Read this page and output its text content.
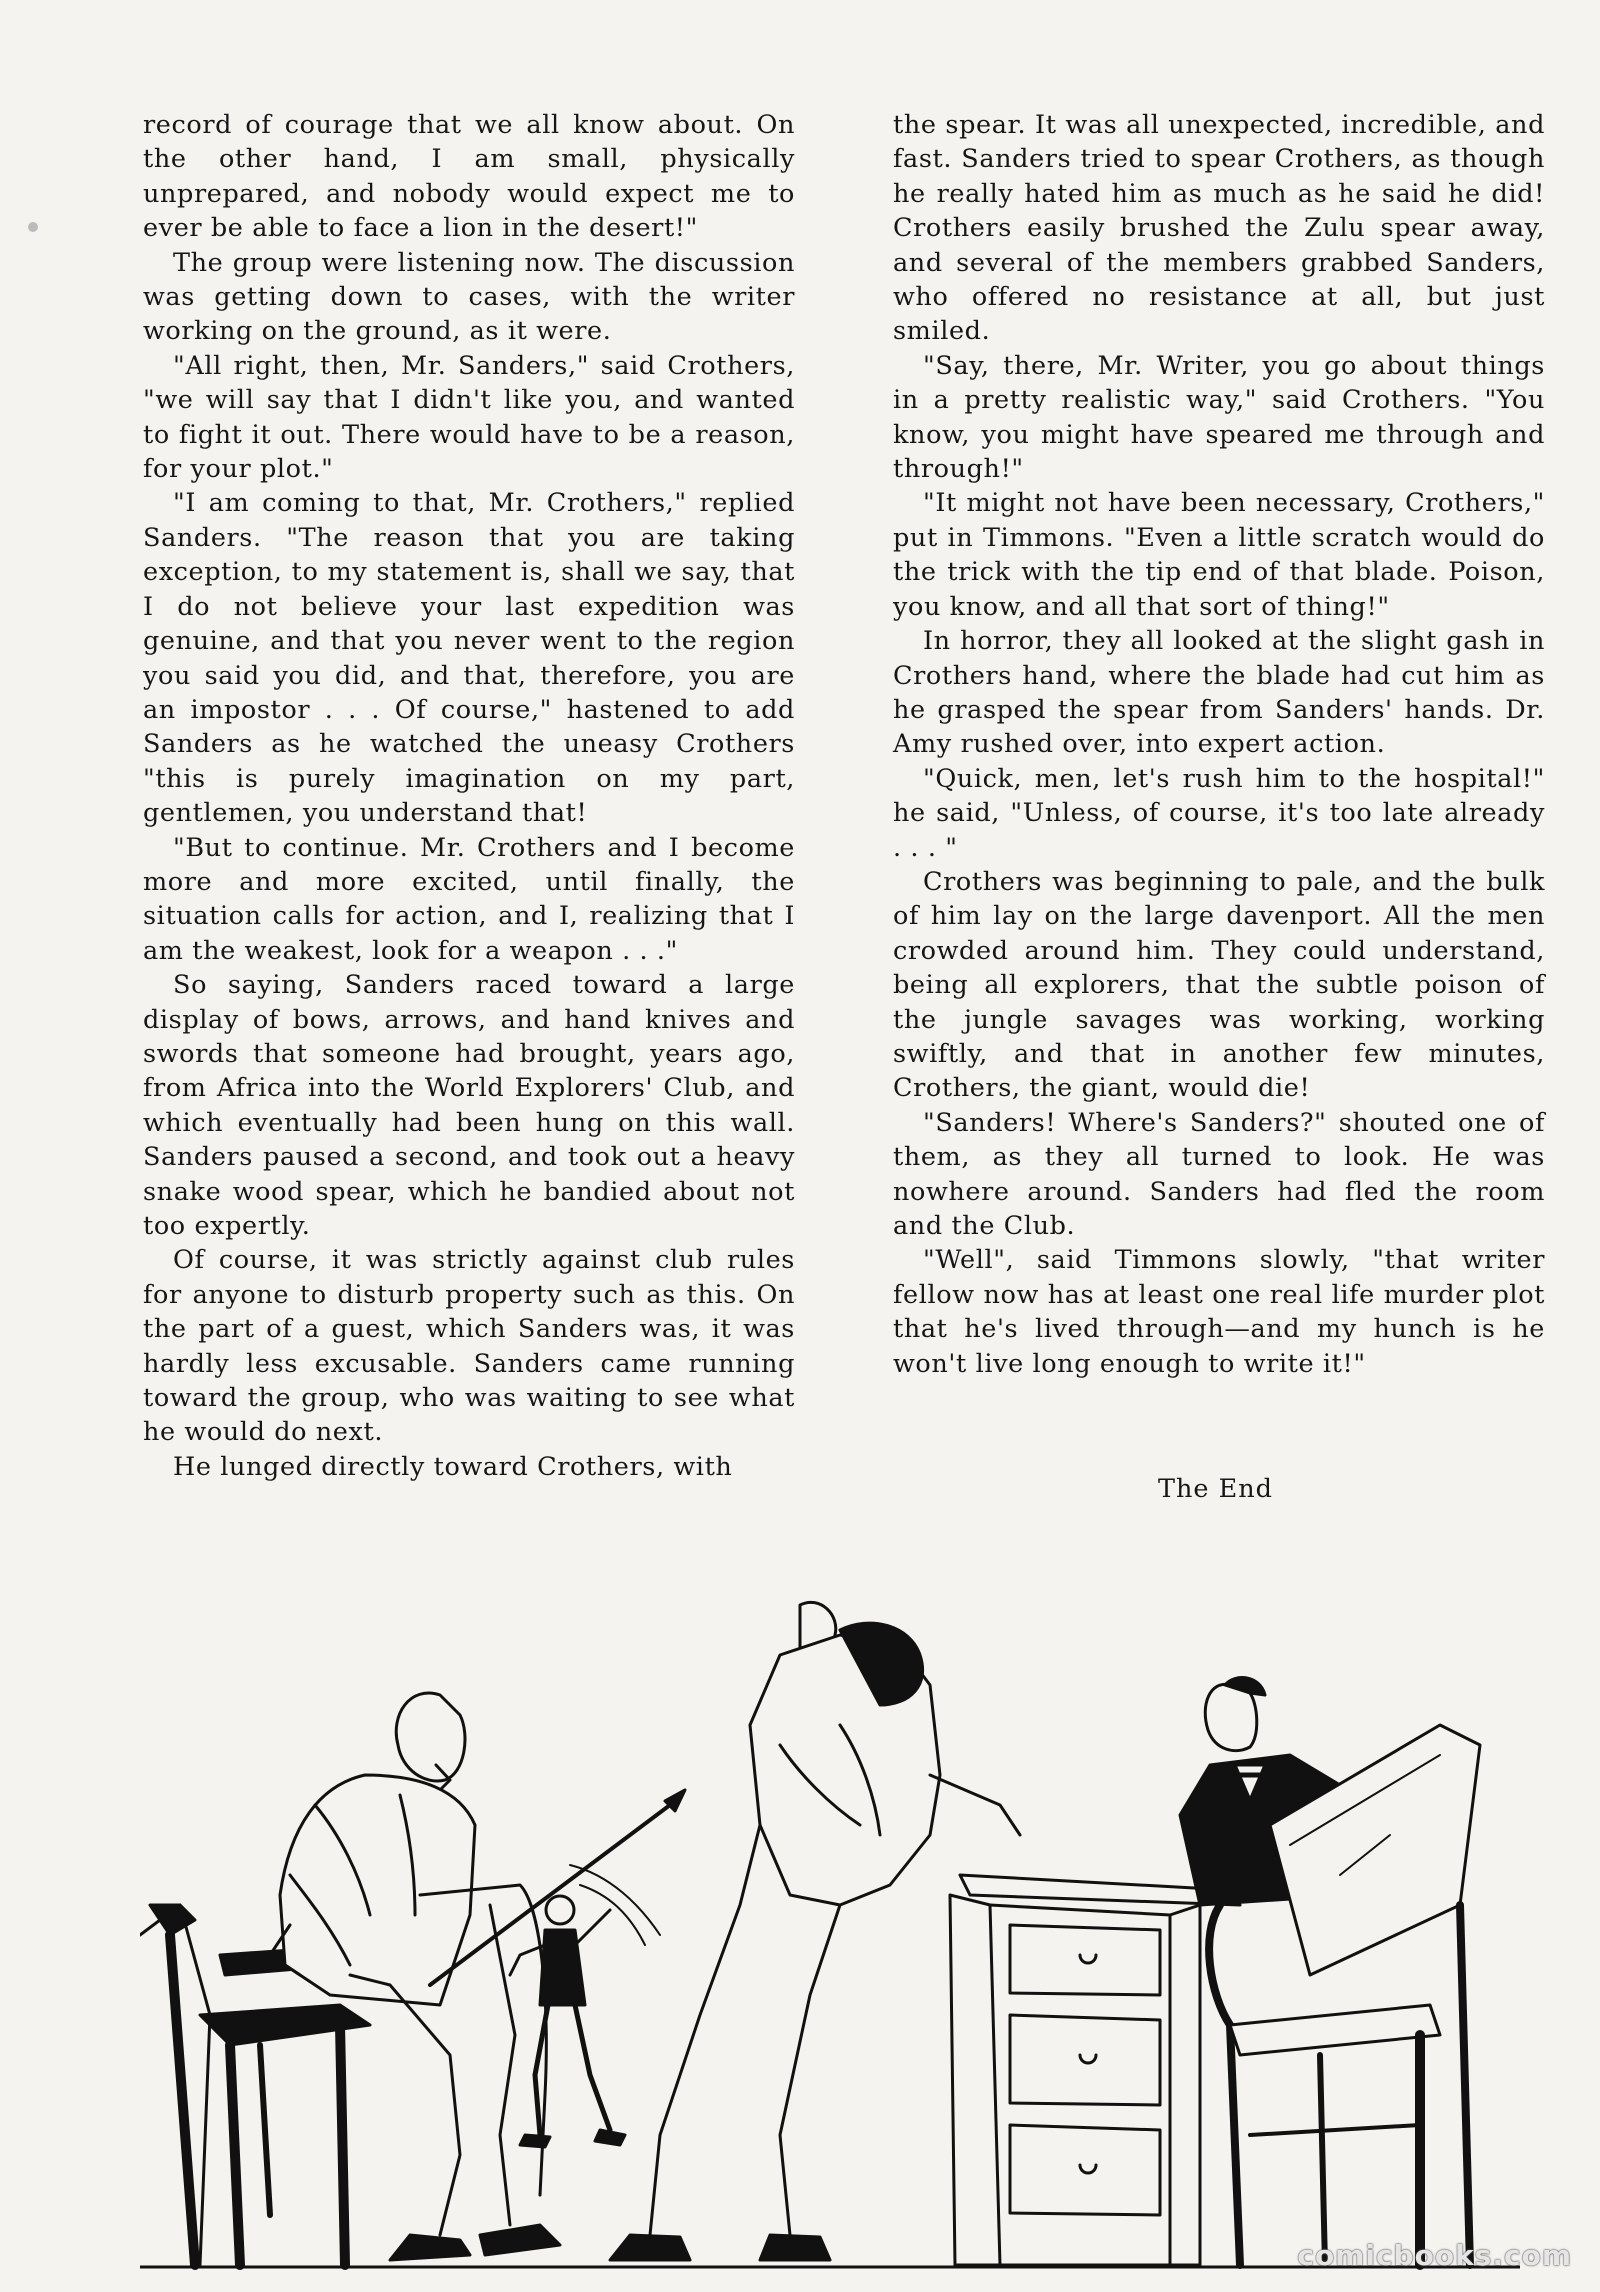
record of courage that we all know about. On the other hand, I am small, physically unprepared, and nobody would expect me to ever be able to face a lion in the desert!"

The group were listening now. The discussion was getting down to cases, with the writer working on the ground, as it were.

"All right, then, Mr. Sanders," said Crothers, "we will say that I didn't like you, and wanted to fight it out. There would have to be a reason, for your plot."

"I am coming to that, Mr. Crothers," replied Sanders. "The reason that you are taking exception, to my statement is, shall we say, that I do not believe your last expedition was genuine, and that you never went to the region you said you did, and that, therefore, you are an impostor . . . Of course," hastened to add Sanders as he watched the uneasy Crothers "this is purely imagination on my part, gentlemen, you understand that!

"But to continue. Mr. Crothers and I become more and more excited, until finally, the situation calls for action, and I, realizing that I am the weakest, look for a weapon . . ."

So saying, Sanders raced toward a large display of bows, arrows, and hand knives and swords that someone had brought, years ago, from Africa into the World Explorers' Club, and which eventually had been hung on this wall. Sanders paused a second, and took out a heavy snake wood spear, which he bandied about not too expertly.

Of course, it was strictly against club rules for anyone to disturb property such as this. On the part of a guest, which Sanders was, it was hardly less excusable. Sanders came running toward the group, who was waiting to see what he would do next.

He lunged directly toward Crothers, with

the spear. It was all unexpected, incredible, and fast. Sanders tried to spear Crothers, as though he really hated him as much as he said he did! Crothers easily brushed the Zulu spear away, and several of the members grabbed Sanders, who offered no resistance at all, but just smiled.

"Say, there, Mr. Writer, you go about things in a pretty realistic way," said Crothers. "You know, you might have speared me through and through!"

"It might not have been necessary, Crothers," put in Timmons. "Even a little scratch would do the trick with the tip end of that blade. Poison, you know, and all that sort of thing!"

In horror, they all looked at the slight gash in Crothers hand, where the blade had cut him as he grasped the spear from Sanders' hands. Dr. Amy rushed over, into expert action.

"Quick, men, let's rush him to the hospital!" he said, "Unless, of course, it's too late already . . . "

Crothers was beginning to pale, and the bulk of him lay on the large davenport. All the men crowded around him. They could understand, being all explorers, that the subtle poison of the jungle savages was working, working swiftly, and that in another few minutes, Crothers, the giant, would die!

"Sanders! Where's Sanders?" shouted one of them, as they all turned to look. He was nowhere around. Sanders had fled the room and the Club.

"Well", said Timmons slowly, "that writer fellow now has at least one real life murder plot that he's lived through—and my hunch is he won't live long enough to write it!"

The End
comicbooks.com
